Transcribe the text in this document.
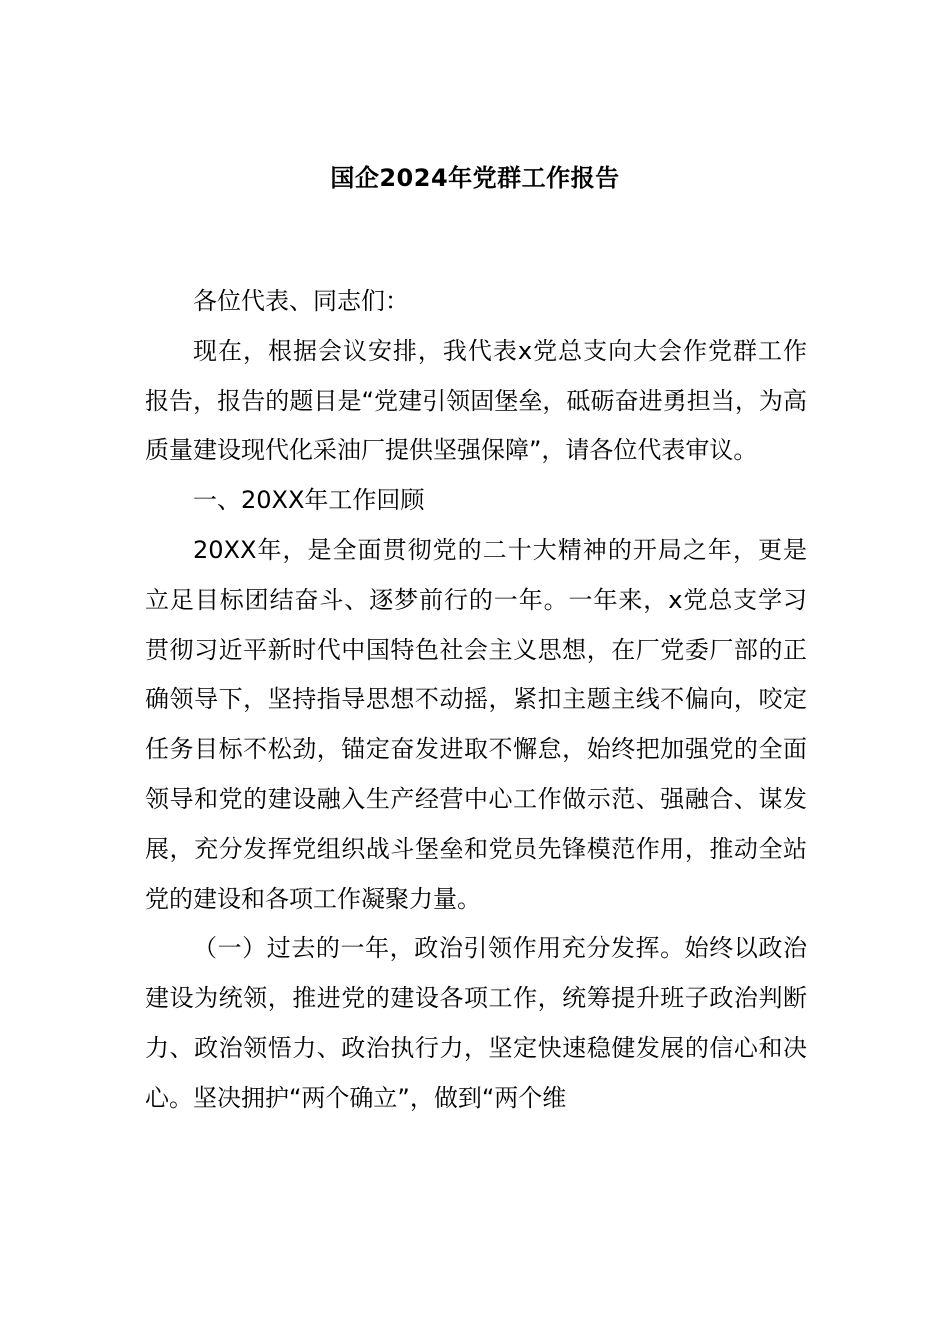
国企2024年党群工作报告

各位代表、同志们：

现在，根据会议安排，我代表x党总支向大会作党群工作报告，报告的题目是“党建引领固堡垒，砥砺奋进勇担当，为高质量建设现代化采油厂提供坚强保障”，请各位代表审议。

一、20XX年工作回顾

20XX年，是全面贯彻党的二十大精神的开局之年，更是立足目标团结奋斗、逐梦前行的一年。一年来，x党总支学习贯彻习近平新时代中国特色社会主义思想，在厂党委厂部的正确领导下，坚持指导思想不动摇，紧扣主题主线不偏向，咬定任务目标不松劲，锚定奋发进取不懈怠，始终把加强党的全面领导和党的建设融入生产经营中心工作做示范、强融合、谋发展，充分发挥党组织战斗堡垒和党员先锋模范作用，推动全站党的建设和各项工作凝聚力量。

（一）过去的一年，政治引领作用充分发挥。始终以政治建设为统领，推进党的建设各项工作，统筹提升班子政治判断力、政治领悟力、政治执行力，坚定快速稳健发展的信心和决心。坚决拥护“两个确立”，做到“两个维
